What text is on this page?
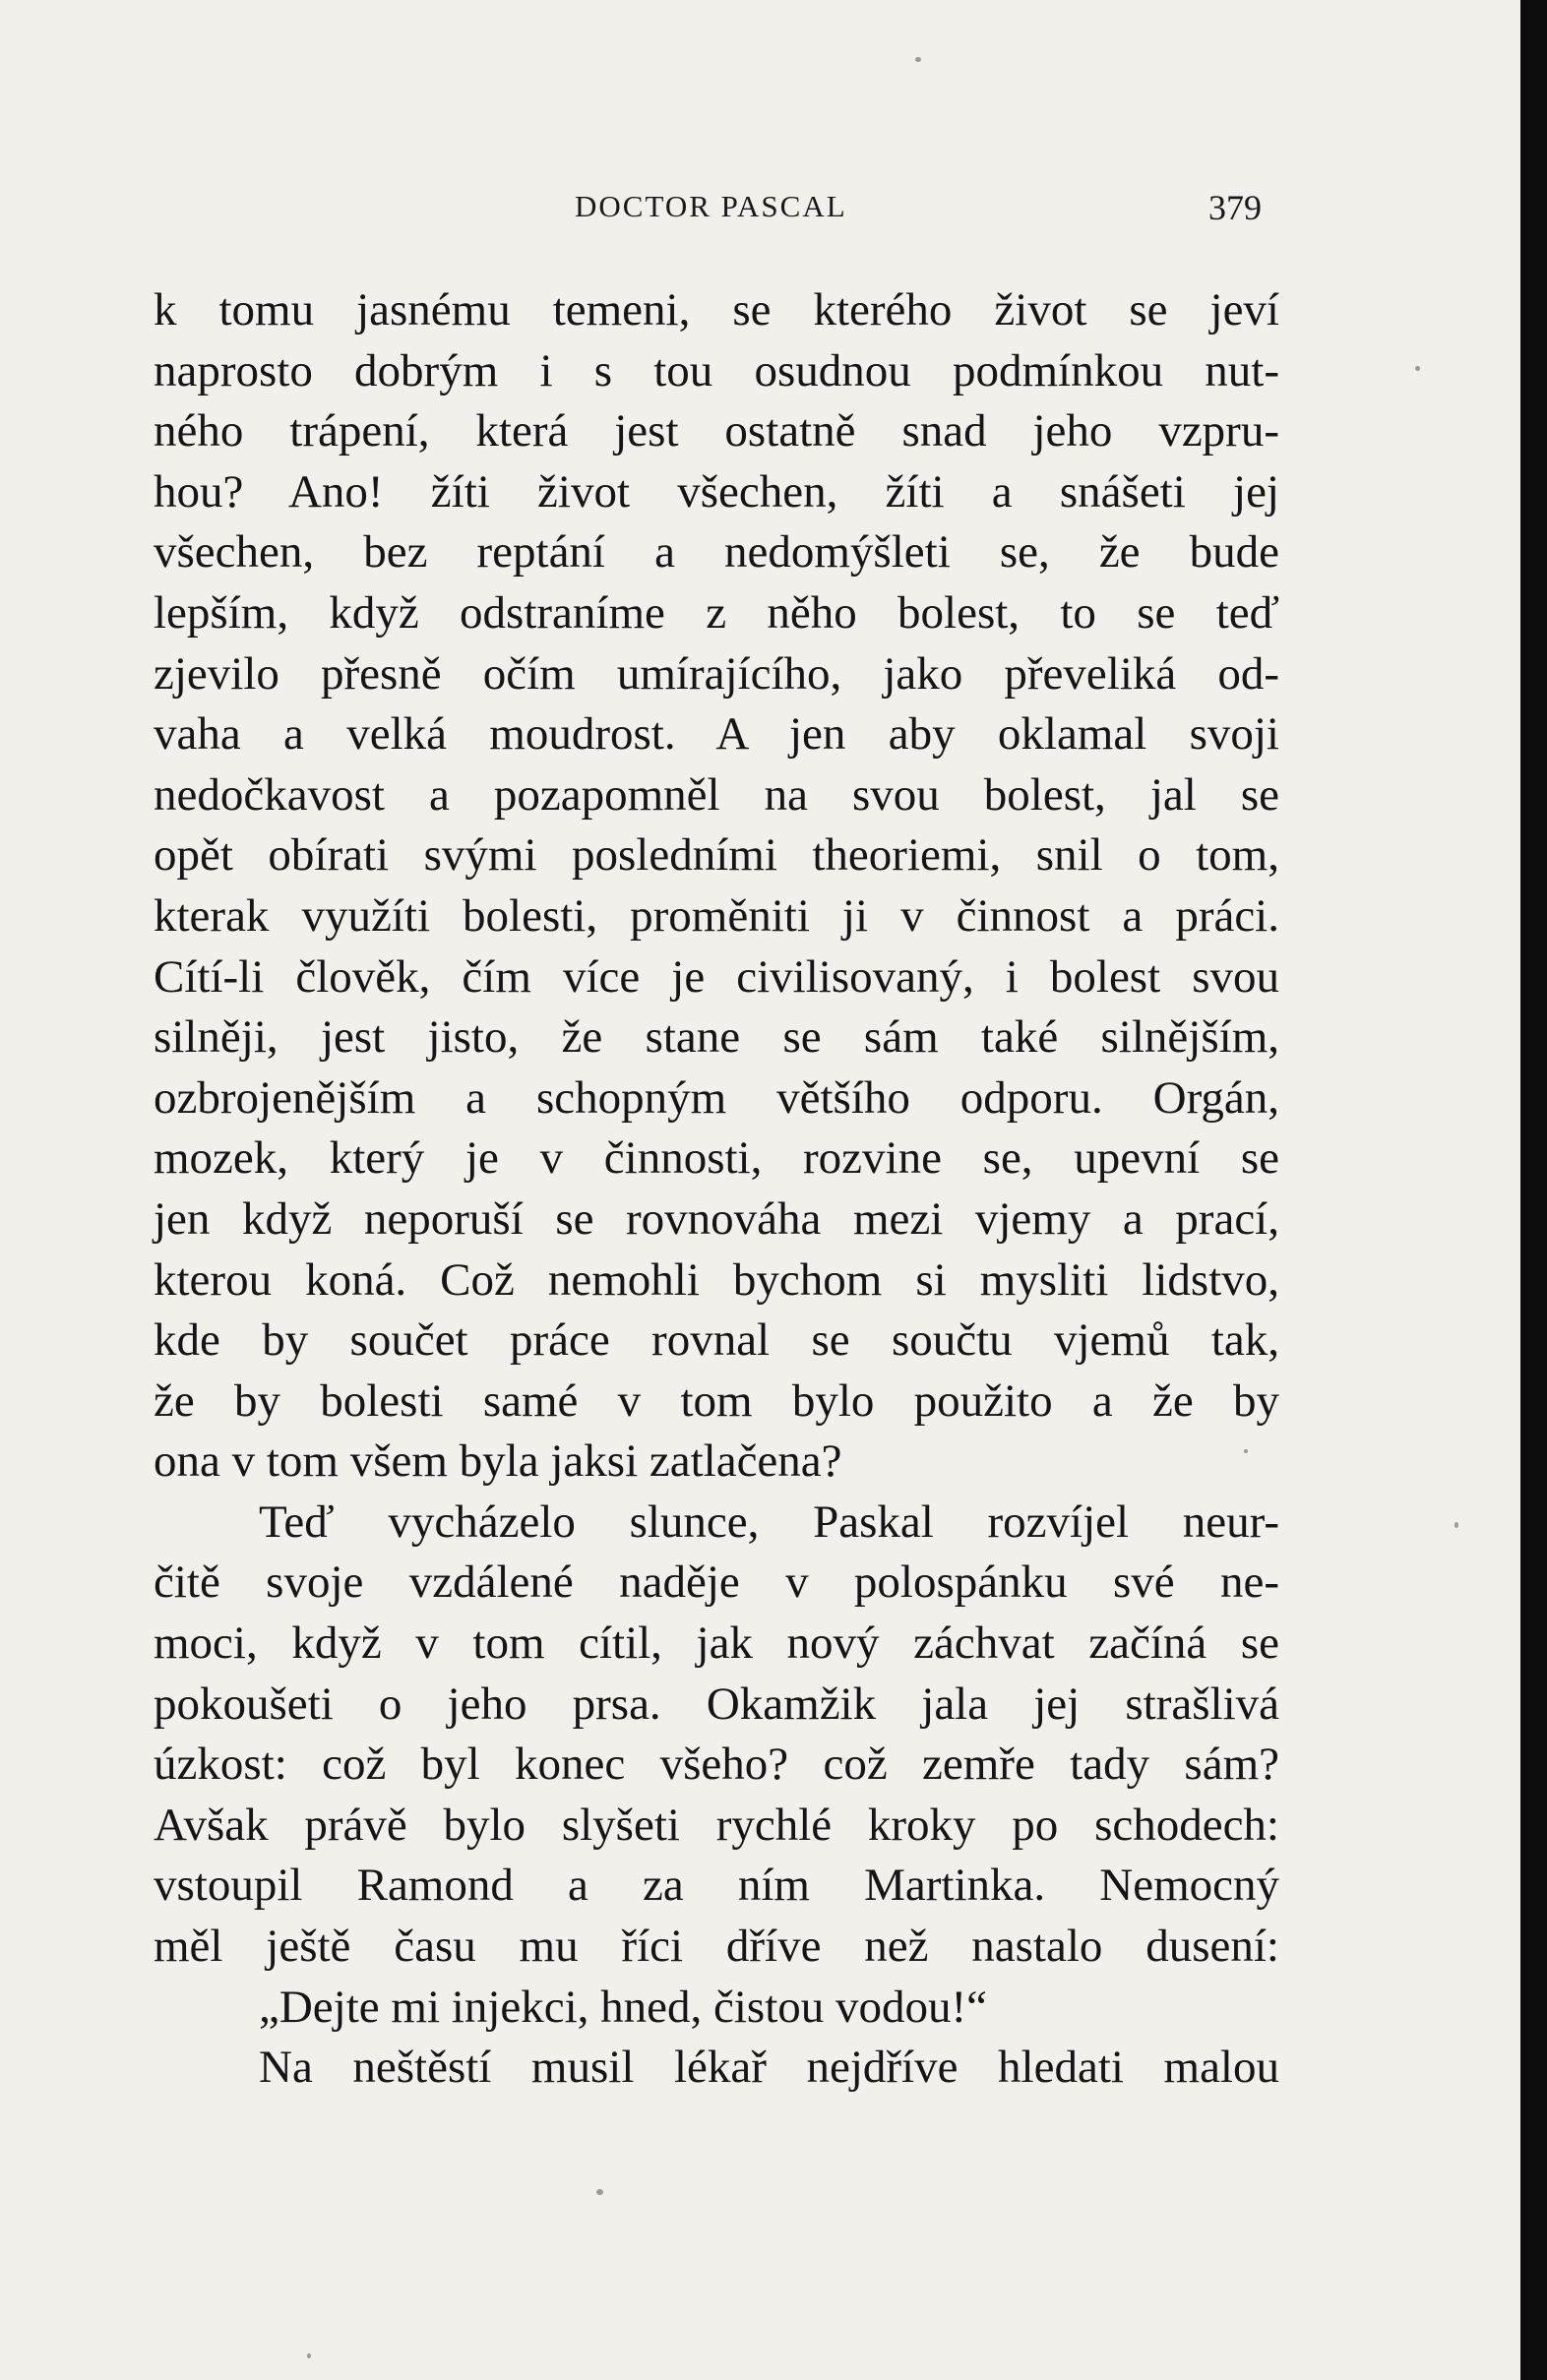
DOCTOR PASCAL	379
k tomu jasnému temeni, se kterého život se jeví
naprosto dobrým i s tou osudnou podmínkou nut-
ného trápení, která jest ostatně snad jeho vzpru-
hou? Ano! žíti život všechen, žíti a snášeti jej
všechen, bez reptání a nedomýšleti se, že bude
lepším, když odstraníme z něho bolest, to se teď
zjevilo přesně očím umírajícího, jako převeliká od-
vaha a velká moudrost. A jen aby oklamal svoji
nedočkavost a pozapomněl na svou bolest, jal se
opět obírati svými posledními theoriemi, snil o tom,
kterak využíti bolesti, proměniti ji v činnost a práci.
Cítí-li člověk, čím více je civilisovaný, i bolest svou
silněji, jest jisto, že stane se sám také silnějším,
ozbrojenějším a schopným většího odporu. Orgán,
mozek, který je v činnosti, rozvine se, upevní se
jen když neporuší se rovnováha mezi vjemy a prací,
kterou koná. Což nemohli bychom si mysliti lidstvo,
kde by součet práce rovnal se součtu vjemů tak,
že by bolesti samé v tom bylo použito a že by
ona v tom všem byla jaksi zatlačena?
Teď vycházelo slunce, Paskal rozvíjel neur-
čitě svoje vzdálené naděje v polospánku své ne-
moci, když v tom cítil, jak nový záchvat začíná se
pokoušeti o jeho prsa. Okamžik jala jej strašlivá
úzkost: což byl konec všeho? což zemře tady sám?
Avšak právě bylo slyšeti rychlé kroky po schodech:
vstoupil Ramond a za ním Martinka. Nemocný
měl ještě času mu říci dříve než nastalo dusení:
„Dejte mi injekci, hned, čistou vodou!“
Na neštěstí musil lékař nejdříve hledati malou
